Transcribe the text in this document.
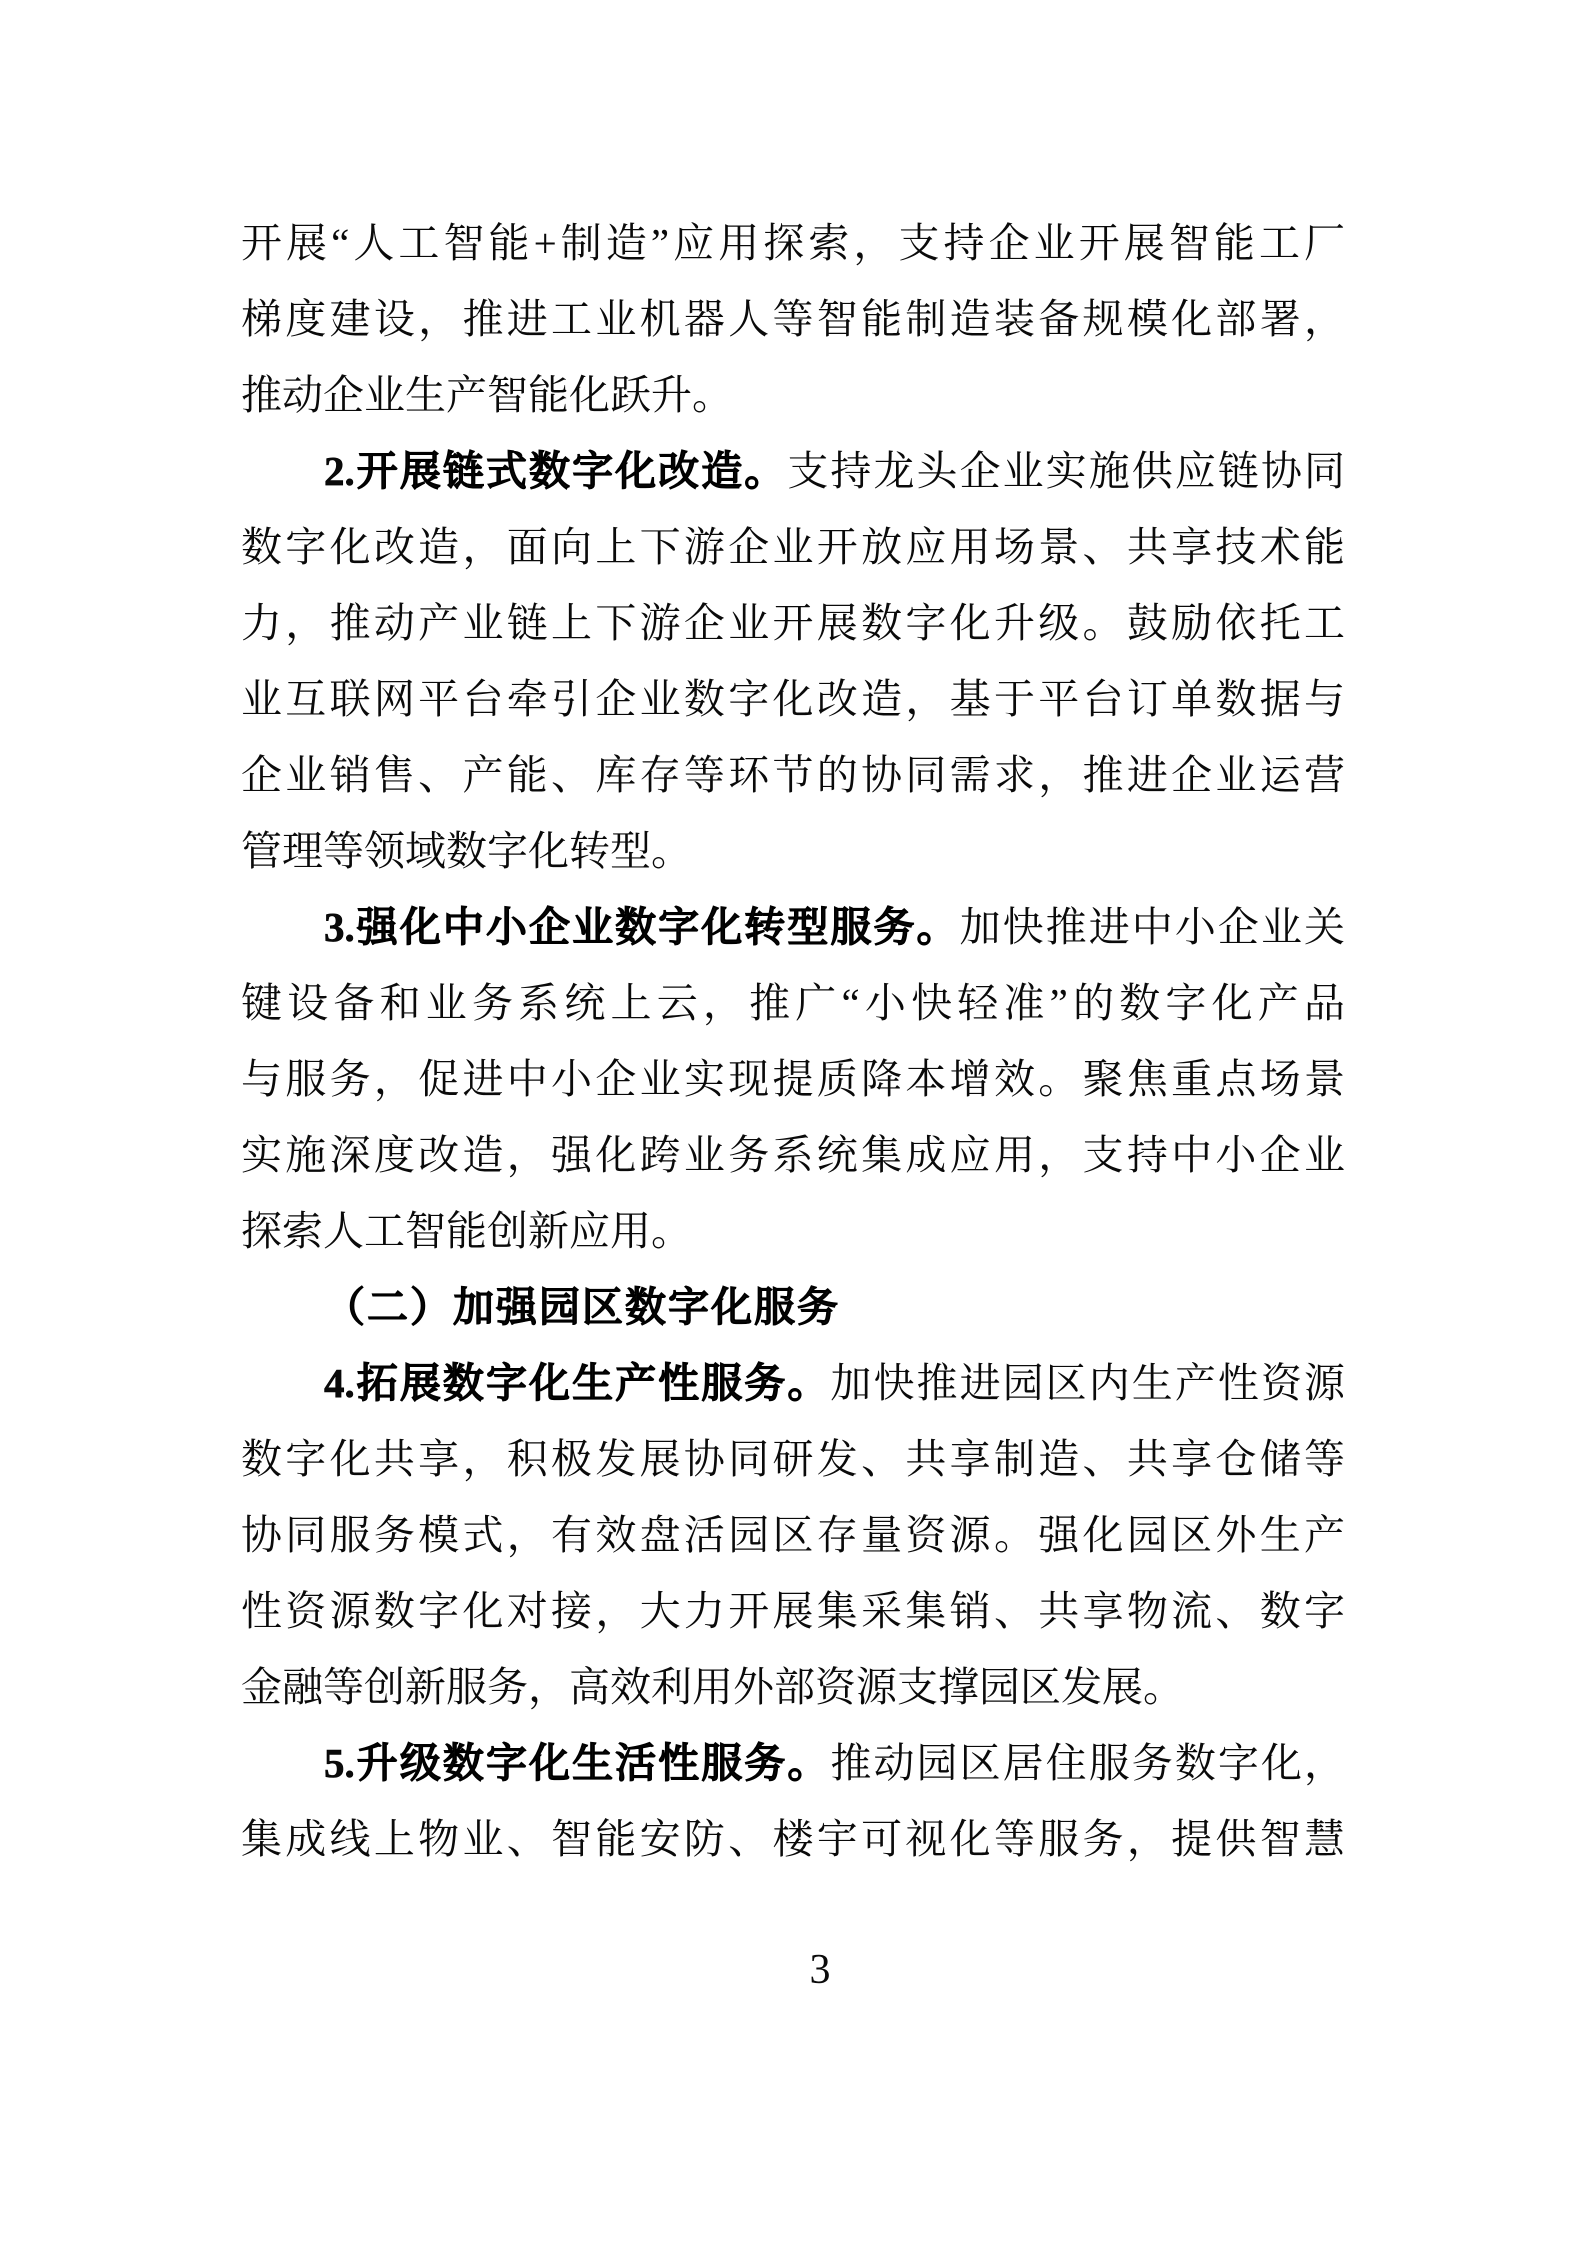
开展“人工智能+制造”应用探索，支持企业开展智能工厂
梯度建设，推进工业机器人等智能制造装备规模化部署，
推动企业生产智能化跃升。
2.开展链式数字化改造。支持龙头企业实施供应链协同
数字化改造，面向上下游企业开放应用场景、共享技术能
力，推动产业链上下游企业开展数字化升级。鼓励依托工
业互联网平台牵引企业数字化改造，基于平台订单数据与
企业销售、产能、库存等环节的协同需求，推进企业运营
管理等领域数字化转型。
3.强化中小企业数字化转型服务。加快推进中小企业关
键设备和业务系统上云，推广“小快轻准”的数字化产品
与服务，促进中小企业实现提质降本增效。聚焦重点场景
实施深度改造，强化跨业务系统集成应用，支持中小企业
探索人工智能创新应用。
（二）加强园区数字化服务
4.拓展数字化生产性服务。加快推进园区内生产性资源
数字化共享，积极发展协同研发、共享制造、共享仓储等
协同服务模式，有效盘活园区存量资源。强化园区外生产
性资源数字化对接，大力开展集采集销、共享物流、数字
金融等创新服务，高效利用外部资源支撑园区发展。
5.升级数字化生活性服务。推动园区居住服务数字化，
集成线上物业、智能安防、楼宇可视化等服务，提供智慧
3
